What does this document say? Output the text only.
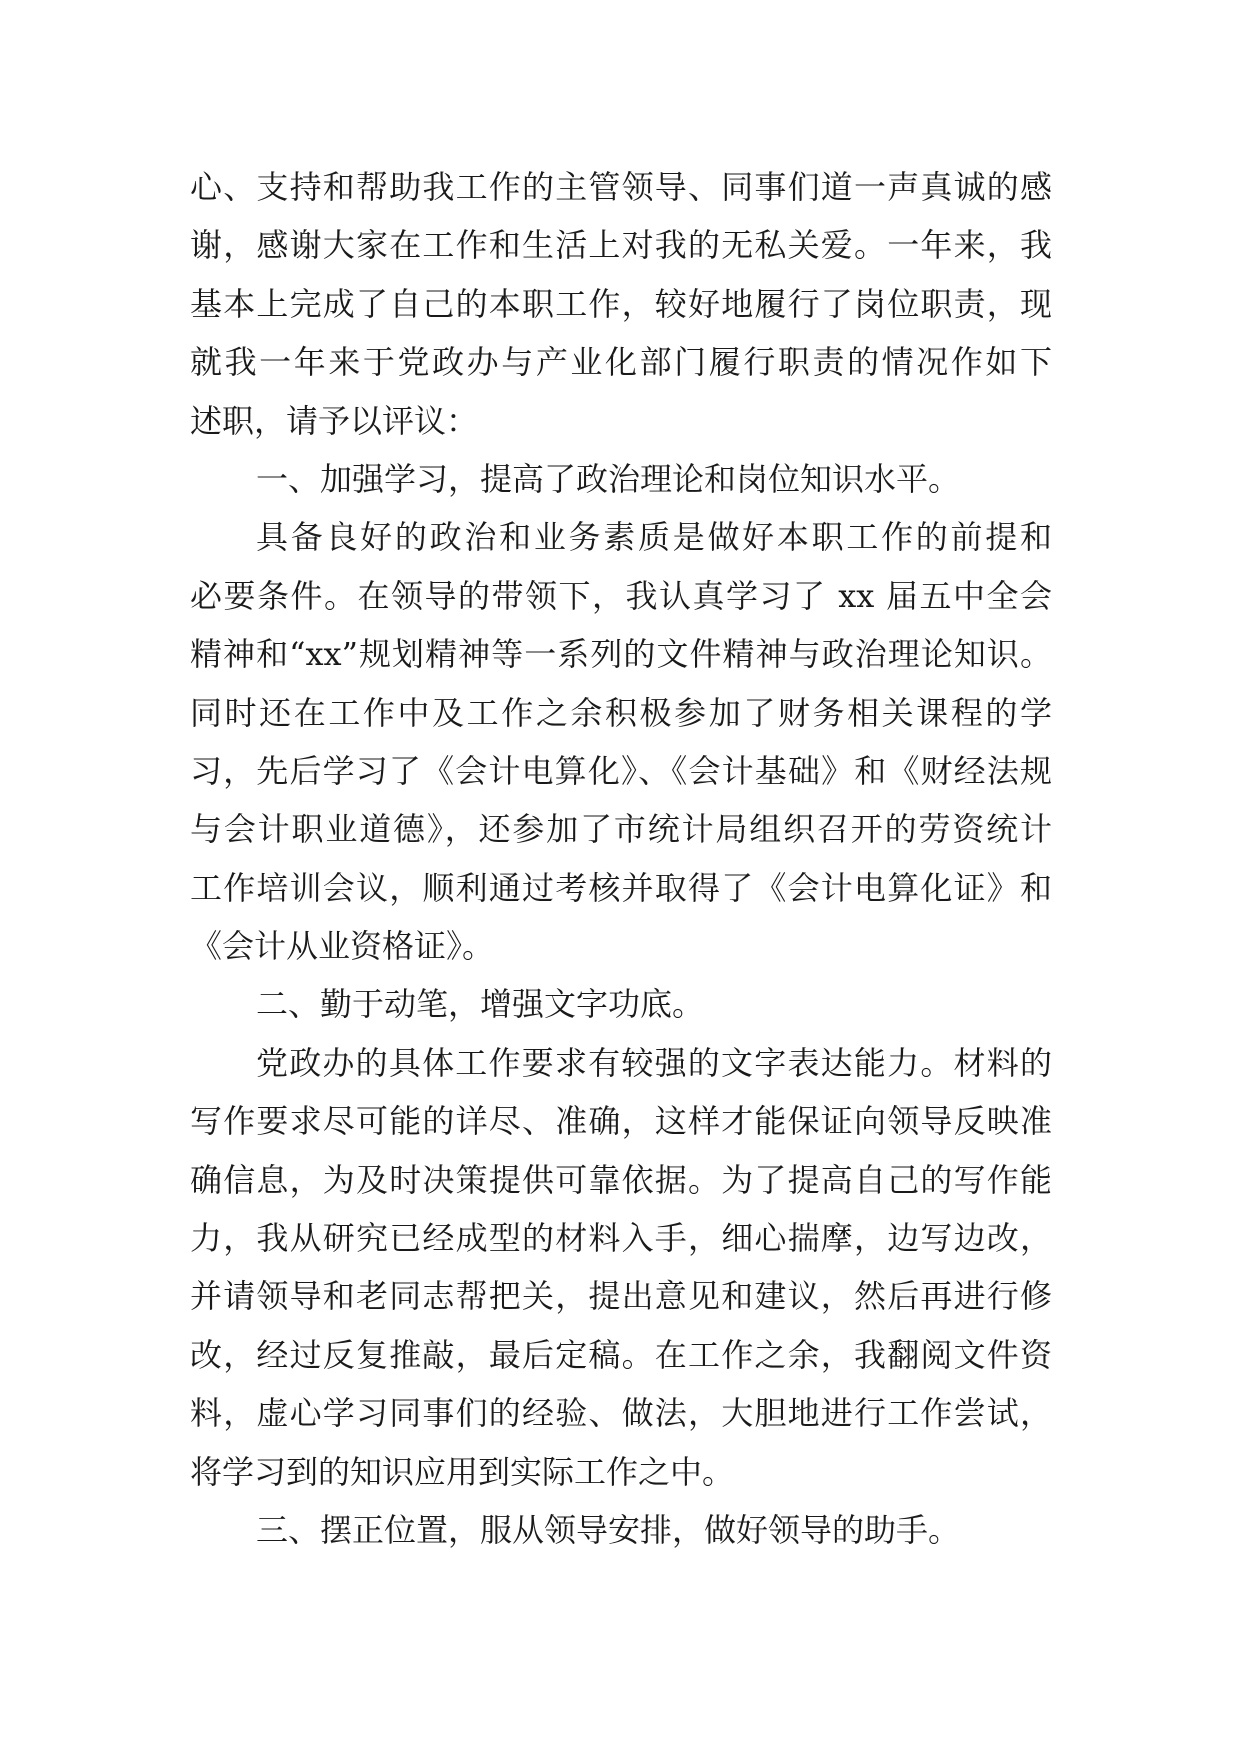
心、支持和帮助我工作的主管领导、同事们道一声真诚的感
谢，感谢大家在工作和生活上对我的无私关爱。一年来，我
基本上完成了自己的本职工作，较好地履行了岗位职责，现
就我一年来于党政办与产业化部门履行职责的情况作如下
述职，请予以评议：
一、加强学习，提高了政治理论和岗位知识水平。
具备良好的政治和业务素质是做好本职工作的前提和
必要条件。在领导的带领下，我认真学习了 xx 届五中全会
精神和“xx”规划精神等一系列的文件精神与政治理论知识。
同时还在工作中及工作之余积极参加了财务相关课程的学
习，先后学习了《会计电算化》、《会计基础》和《财经法规
与会计职业道德》，还参加了市统计局组织召开的劳资统计
工作培训会议，顺利通过考核并取得了《会计电算化证》和
《会计从业资格证》。
二、勤于动笔，增强文字功底。
党政办的具体工作要求有较强的文字表达能力。材料的
写作要求尽可能的详尽、准确，这样才能保证向领导反映准
确信息，为及时决策提供可靠依据。为了提高自己的写作能
力，我从研究已经成型的材料入手，细心揣摩，边写边改，
并请领导和老同志帮把关，提出意见和建议，然后再进行修
改，经过反复推敲，最后定稿。在工作之余，我翻阅文件资
料，虚心学习同事们的经验、做法，大胆地进行工作尝试，
将学习到的知识应用到实际工作之中。
三、摆正位置，服从领导安排，做好领导的助手。
